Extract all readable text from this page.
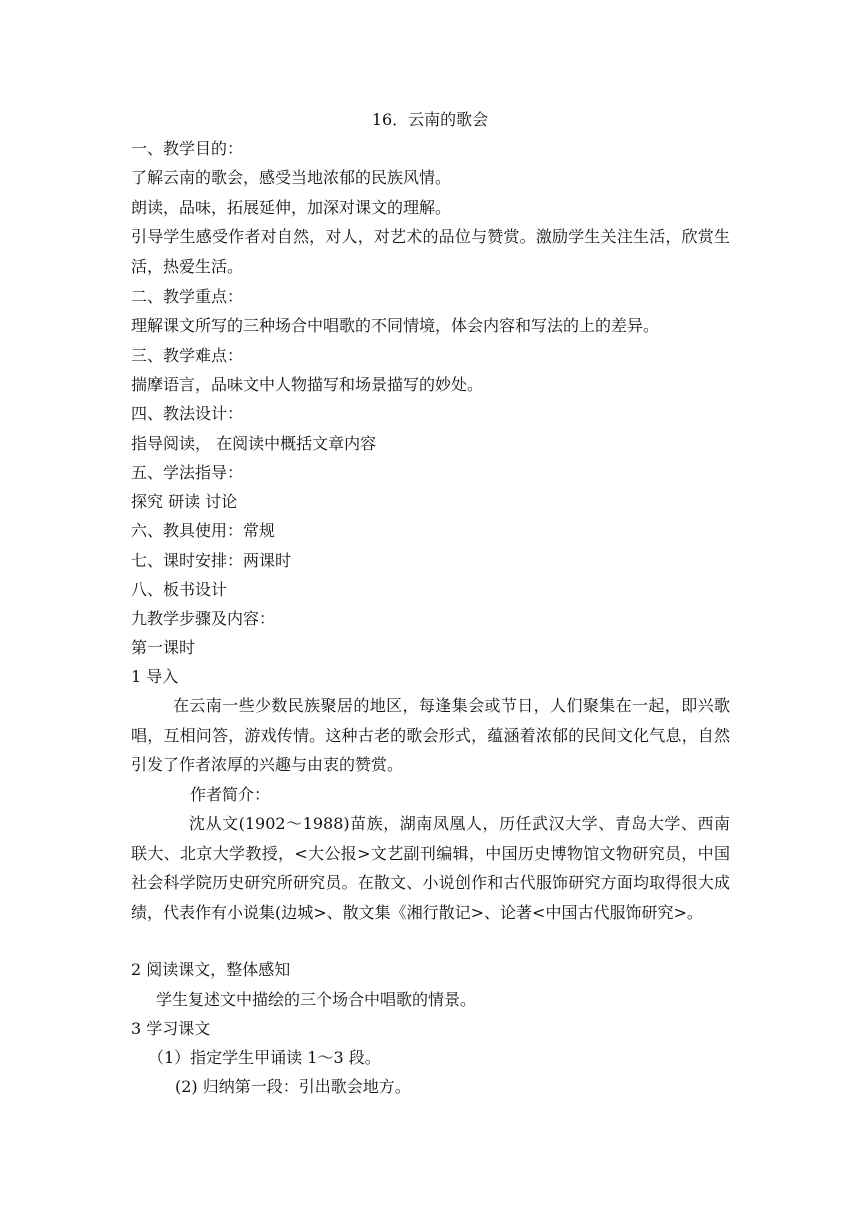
16．云南的歌会
一、教学目的：
了解云南的歌会，感受当地浓郁的民族风情。
朗读，品味，拓展延伸，加深对课文的理解。
引导学生感受作者对自然，对人，对艺术的品位与赞赏。激励学生关注生活，欣赏生活，热爱生活。
二、教学重点：
理解课文所写的三种场合中唱歌的不同情境，体会内容和写法的上的差异。
三、教学难点：
揣摩语言，品味文中人物描写和场景描写的妙处。
四、教法设计：
指导阅读， 在阅读中概括文章内容
五、学法指导：
探究 研读 讨论
六、教具使用：常规
七、课时安排：两课时
八、板书设计
九教学步骤及内容：
第一课时
1 导入
在云南一些少数民族聚居的地区，每逢集会或节日，人们聚集在一起，即兴歌唱，互相问答，游戏传情。这种古老的歌会形式，蕴涵着浓郁的民间文化气息，自然引发了作者浓厚的兴趣与由衷的赞赏。
作者简介：
沈从文(1902～1988)苗族，湖南凤凰人，历任武汉大学、青岛大学、西南联大、北京大学教授，<大公报>文艺副刊编辑，中国历史博物馆文物研究员，中国社会科学院历史研究所研究员。在散文、小说创作和古代服饰研究方面均取得很大成绩，代表作有小说集(边城>、散文集《湘行散记>、论著<中国古代服饰研究>。
2 阅读课文，整体感知
学生复述文中描绘的三个场合中唱歌的情景。
3 学习课文
（1）指定学生甲诵读 1～3 段。
(2) 归纳第一段：引出歌会地方。
